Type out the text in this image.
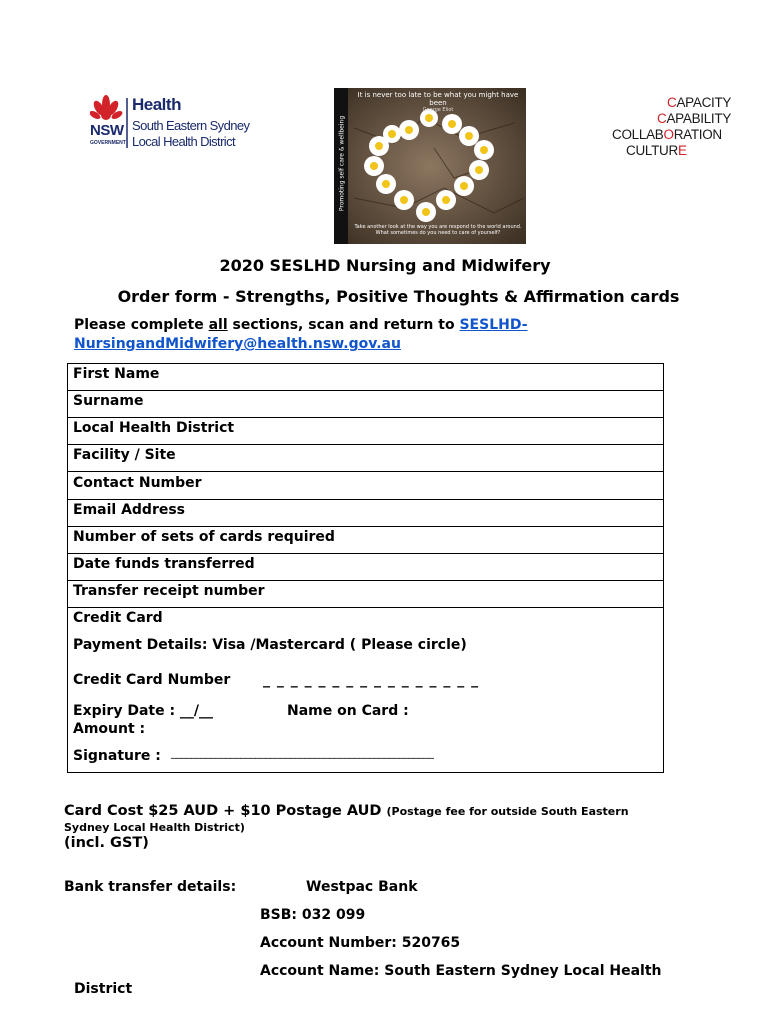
Health
NSW
GOVERNMENT
South Eastern Sydney
Local Health District
It is never too late to be what you might have been
George Eliot
Promoting self care & wellbeing
Take another look at the way you are respond to the world around. What sometimes do you need to care of yourself?
CAPACITY
CAPABILITY
COLLABORATION
CULTURE
2020 SESLHD Nursing and Midwifery
Order form - Strengths, Positive Thoughts & Affirmation cards
Please complete all sections, scan and return to SESLHD-
NursingandMidwifery@health.nsw.gov.au
First Name
Surname
Local Health District
Facility / Site
Contact Number
Email Address
Number of sets of cards required
Date funds transferred
Transfer receipt number
Credit Card
Payment Details: Visa /Mastercard ( Please circle)
Credit Card Number _ _ _ _ _ _ _ _ _ _ _ _ _ _ _ _
Expiry Date : __/__	Name on Card :
Amount :
Signature : _____________________________________________________
Card Cost $25 AUD + $10 Postage AUD (Postage fee for outside South Eastern
Sydney Local Health District)
(incl. GST)
Bank transfer details:	Westpac Bank
BSB: 032 099
Account Number: 520765
Account Name: South Eastern Sydney Local Health
District
